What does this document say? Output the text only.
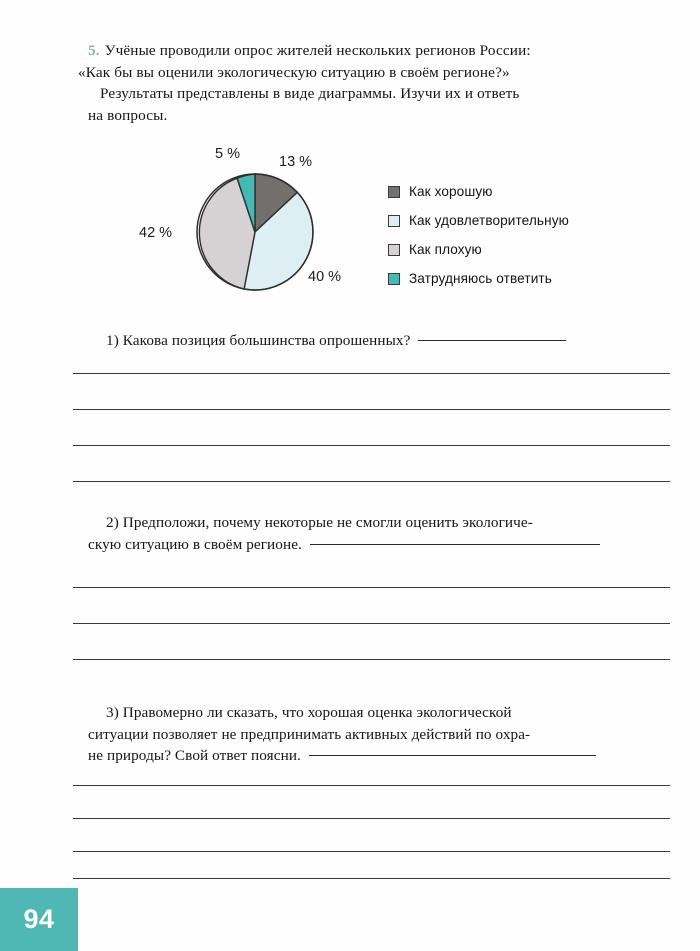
5. Учёные проводили опрос жителей нескольких регионов России:
«Как бы вы оценили экологическую ситуацию в своём регионе?»
Результаты представлены в виде диаграммы. Изучи их и ответь
на вопросы.
5 %	13 %
40 %
42 %
Как хорошую
Как удовлетворительную
Как плохую
Затрудняюсь ответить
1) Какова позиция большинства опрошенных?
2) Предположи, почему некоторые не смогли оценить экологиче-
скую ситуацию в своём регионе.
3) Правомерно ли сказать, что хорошая оценка экологической
ситуации позволяет не предпринимать активных действий по охра-
не природы? Свой ответ поясни.
94
